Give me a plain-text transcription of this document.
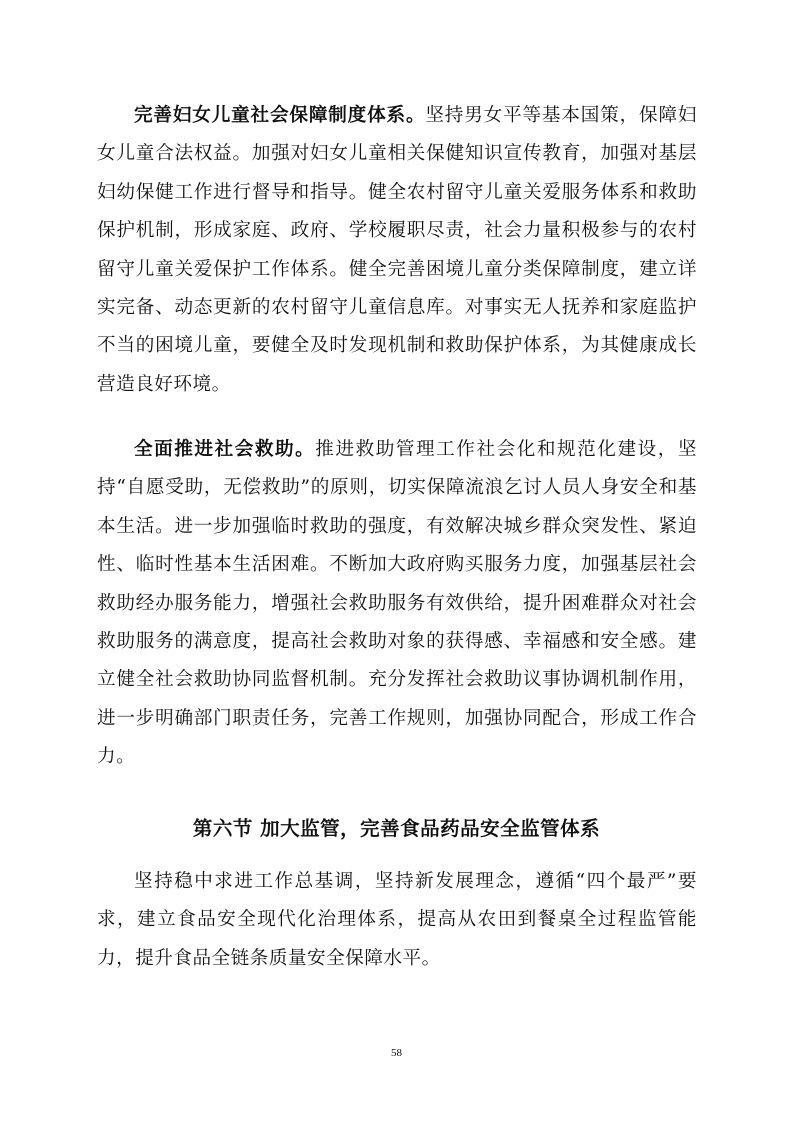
完善妇女儿童社会保障制度体系。坚持男女平等基本国策，保障妇女儿童合法权益。加强对妇女儿童相关保健知识宣传教育，加强对基层妇幼保健工作进行督导和指导。健全农村留守儿童关爱服务体系和救助保护机制，形成家庭、政府、学校履职尽责，社会力量积极参与的农村留守儿童关爱保护工作体系。健全完善困境儿童分类保障制度，建立详实完备、动态更新的农村留守儿童信息库。对事实无人抚养和家庭监护不当的困境儿童，要健全及时发现机制和救助保护体系，为其健康成长营造良好环境。

全面推进社会救助。推进救助管理工作社会化和规范化建设，坚持“自愿受助，无偿救助”的原则，切实保障流浪乞讨人员人身安全和基本生活。进一步加强临时救助的强度，有效解决城乡群众突发性、紧迫性、临时性基本生活困难。不断加大政府购买服务力度，加强基层社会救助经办服务能力，增强社会救助服务有效供给，提升困难群众对社会救助服务的满意度，提高社会救助对象的获得感、幸福感和安全感。建立健全社会救助协同监督机制。充分发挥社会救助议事协调机制作用，进一步明确部门职责任务，完善工作规则，加强协同配合，形成工作合力。

第六节 加大监管，完善食品药品安全监管体系

坚持稳中求进工作总基调，坚持新发展理念，遵循“四个最严”要求，建立食品安全现代化治理体系，提高从农田到餐桌全过程监管能力，提升食品全链条质量安全保障水平。

58
